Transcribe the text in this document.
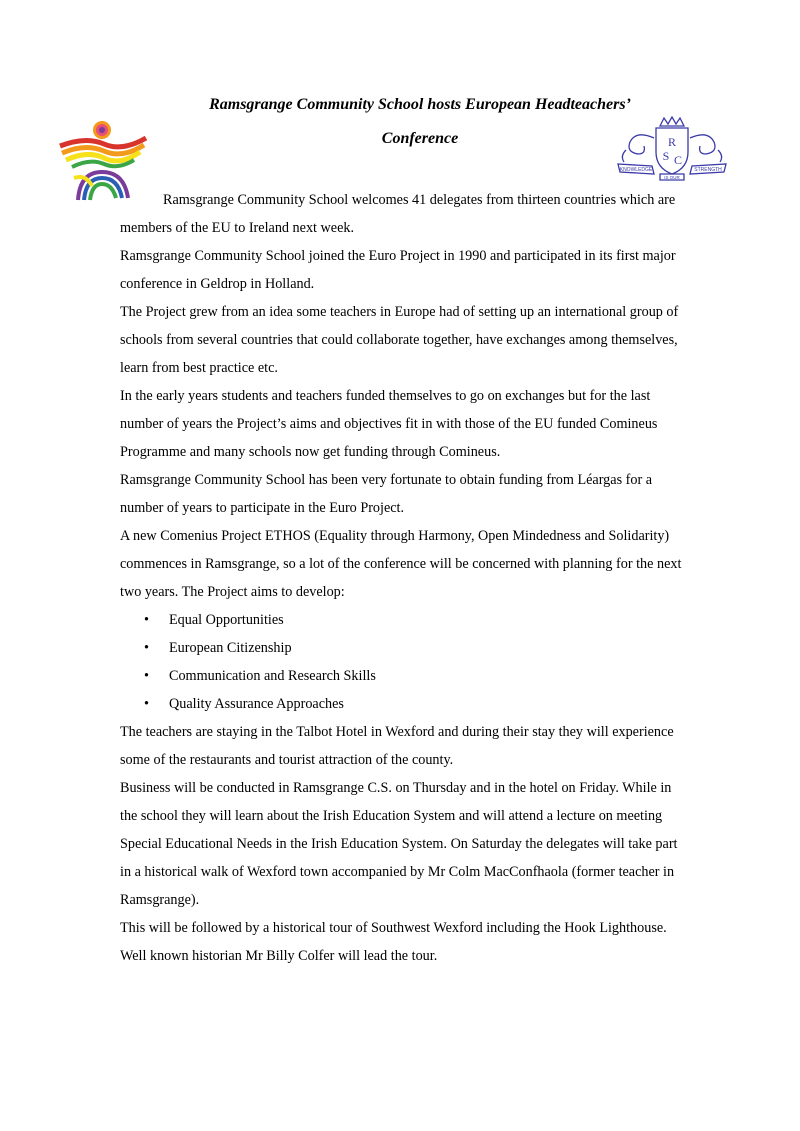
Ramsgrange Community School hosts European Headteachers’
Conference	R
S C
KNOWLEDGE
IS OUR
STRENGTH

Ramsgrange Community School welcomes 41 delegates from thirteen countries which are members of the EU to Ireland next week.

Ramsgrange Community School joined the Euro Project in 1990 and participated in its first major conference in Geldrop in Holland.

The Project grew from an idea some teachers in Europe had of setting up an international group of schools from several countries that could collaborate together, have exchanges among themselves, learn from best practice etc.

In the early years students and teachers funded themselves to go on exchanges but for the last number of years the Project’s aims and objectives fit in with those of the EU funded Comineus Programme and many schools now get funding through Comineus.

Ramsgrange Community School has been very fortunate to obtain funding from Léargas for a number of years to participate in the Euro Project.

A new Comenius Project ETHOS (Equality through Harmony, Open Mindedness and Solidarity) commences in Ramsgrange, so a lot of the conference will be concerned with planning for the next two years. The Project aims to develop:

• Equal Opportunities
• European Citizenship
• Communication and Research Skills
• Quality Assurance Approaches

The teachers are staying in the Talbot Hotel in Wexford and during their stay they will experience some of the restaurants and tourist attraction of the county.

Business will be conducted in Ramsgrange C.S. on Thursday and in the hotel on Friday. While in the school they will learn about the Irish Education System and will attend a lecture on meeting Special Educational Needs in the Irish Education System. On Saturday the delegates will take part in a historical walk of Wexford town accompanied by Mr Colm MacConfhaola (former teacher in Ramsgrange).

This will be followed by a historical tour of Southwest Wexford including the Hook Lighthouse. Well known historian Mr Billy Colfer will lead the tour.
